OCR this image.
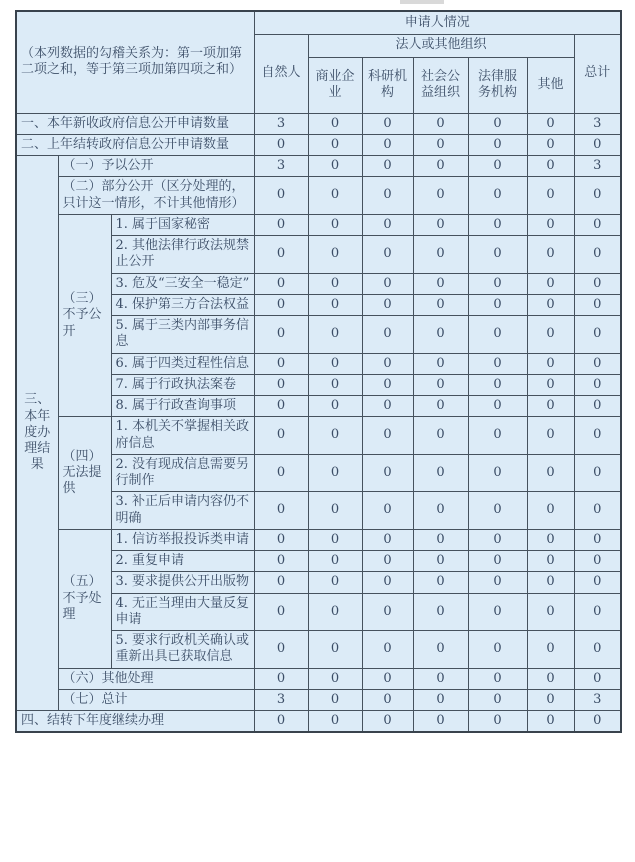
（本列数据的勾稽关系为：第一项加第二项之和，等于第三项加第四项之和）			申请人情况						
			自然人	法人或其他组织					总计
				商业企业	科研机构	社会公益组织	法律服务机构	其他	
一、本年新收政府信息公开申请数量			3	0	0	0	0	0	3
二、上年结转政府信息公开申请数量			0	0	0	0	0	0	0
三、本年度办理结果	（一）予以公开		3	0	0	0	0	0	3
	（二）部分公开（区分处理的，只计这一情形，不计其他情形）		0	0	0	0	0	0	0
	（三）不予公开	1. 属于国家秘密	0	0	0	0	0	0	0
		2. 其他法律行政法规禁止公开	0	0	0	0	0	0	0
		3. 危及“三安全一稳定”	0	0	0	0	0	0	0
		4. 保护第三方合法权益	0	0	0	0	0	0	0
		5. 属于三类内部事务信息	0	0	0	0	0	0	0
		6. 属于四类过程性信息	0	0	0	0	0	0	0
		7. 属于行政执法案卷	0	0	0	0	0	0	0
		8. 属于行政查询事项	0	0	0	0	0	0	0
	（四）无法提供	1. 本机关不掌握相关政府信息	0	0	0	0	0	0	0
		2. 没有现成信息需要另行制作	0	0	0	0	0	0	0
		3. 补正后申请内容仍不明确	0	0	0	0	0	0	0
	（五）不予处理	1. 信访举报投诉类申请	0	0	0	0	0	0	0
		2. 重复申请	0	0	0	0	0	0	0
		3. 要求提供公开出版物	0	0	0	0	0	0	0
		4. 无正当理由大量反复申请	0	0	0	0	0	0	0
		5. 要求行政机关确认或重新出具已获取信息	0	0	0	0	0	0	0
	（六）其他处理		0	0	0	0	0	0	0
	（七）总计		3	0	0	0	0	0	3
四、结转下年度继续办理			0	0	0	0	0	0	0
